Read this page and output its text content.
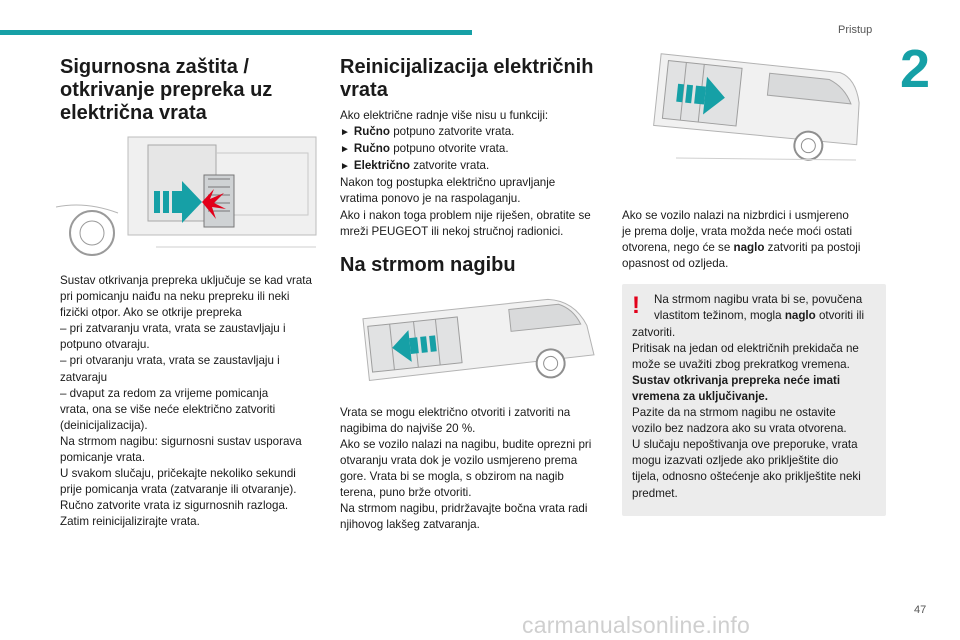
Pristup
2
Sigurnosna zaštita / otkrivanje prepreka uz električna vrata

Sustav otkrivanja prepreka uključuje se kad vrata

pri pomicanju naiđu na neku prepreku ili neki

fizički otpor. Ako se otkrije prepreka

– pri zatvaranju vrata, vrata se zaustavljaju i

potpuno otvaraju.

– pri otvaranju vrata, vrata se zaustavljaju i

zatvaraju

– dvaput za redom za vrijeme pomicanja

vrata, ona se više neće električno zatvoriti

(deinicijalizacija).

Na strmom nagibu: sigurnosni sustav usporava

pomicanje vrata.

U svakom slučaju, pričekajte nekoliko sekundi

prije pomicanja vrata (zatvaranje ili otvaranje).

Ručno zatvorite vrata iz sigurnosnih razloga.

Zatim reinicijalizirajte vrata.

Reinicijalizacija električnih vrata

Ako električne radnje više nisu u funkciji:

► Ručno potpuno zatvorite vrata.

► Ručno potpuno otvorite vrata.

► Električno zatvorite vrata.

Nakon tog postupka električno upravljanje

vratima ponovo je na raspolaganju.

Ako i nakon toga problem nije riješen, obratite se

mreži PEUGEOT ili nekoj stručnoj radionici.

Na strmom nagibu

Vrata se mogu električno otvoriti i zatvoriti na

nagibima do najviše 20 %.

Ako se vozilo nalazi na nagibu, budite oprezni pri

otvaranju vrata dok je vozilo usmjereno prema

gore. Vrata bi se mogla, s obzirom na nagib

terena, puno brže otvoriti.

Na strmom nagibu, pridržavajte bočna vrata radi

njihovog lakšeg zatvaranja.

Ako se vozilo nalazi na nizbrdici i usmjereno

je prema dolje, vrata možda neće moći ostati

otvorena, nego će se naglo zatvoriti pa postoji

opasnost od ozljeda.

!	Na strmom nagibu vrata bi se, povučena vlastitom težinom, mogla naglo otvoriti ili

zatvoriti.

Pritisak na jedan od električnih prekidača ne

može se uvažiti zbog prekratkog vremena.

Sustav otkrivanja prepreka neće imati

vremena za uključivanje.

Pazite da na strmom nagibu ne ostavite

vozilo bez nadzora ako su vrata otvorena.

U slučaju nepoštivanja ove preporuke, vrata

mogu izazvati ozljede ako priklještite dio

tijela, odnosno oštećenje ako priklještite neki

predmet.

47
carmanualsonline.info
